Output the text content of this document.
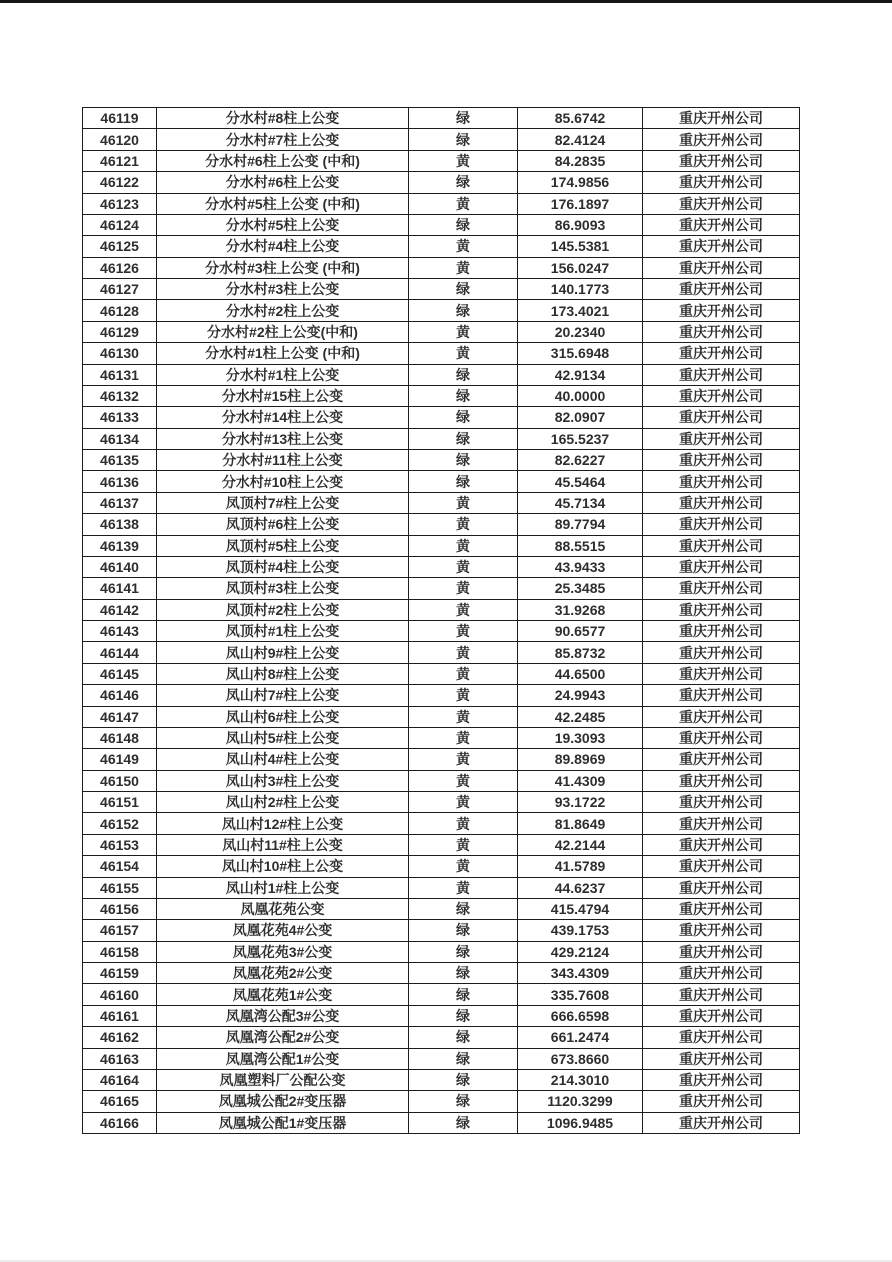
46119	分水村#8柱上公变	绿	85.6742	重庆开州公司
46120	分水村#7柱上公变	绿	82.4124	重庆开州公司
46121	分水村#6柱上公变 (中和)	黄	84.2835	重庆开州公司
46122	分水村#6柱上公变	绿	174.9856	重庆开州公司
46123	分水村#5柱上公变 (中和)	黄	176.1897	重庆开州公司
46124	分水村#5柱上公变	绿	86.9093	重庆开州公司
46125	分水村#4柱上公变	黄	145.5381	重庆开州公司
46126	分水村#3柱上公变 (中和)	黄	156.0247	重庆开州公司
46127	分水村#3柱上公变	绿	140.1773	重庆开州公司
46128	分水村#2柱上公变	绿	173.4021	重庆开州公司
46129	分水村#2柱上公变(中和)	黄	20.2340	重庆开州公司
46130	分水村#1柱上公变 (中和)	黄	315.6948	重庆开州公司
46131	分水村#1柱上公变	绿	42.9134	重庆开州公司
46132	分水村#15柱上公变	绿	40.0000	重庆开州公司
46133	分水村#14柱上公变	绿	82.0907	重庆开州公司
46134	分水村#13柱上公变	绿	165.5237	重庆开州公司
46135	分水村#11柱上公变	绿	82.6227	重庆开州公司
46136	分水村#10柱上公变	绿	45.5464	重庆开州公司
46137	凤顶村7#柱上公变	黄	45.7134	重庆开州公司
46138	凤顶村#6柱上公变	黄	89.7794	重庆开州公司
46139	凤顶村#5柱上公变	黄	88.5515	重庆开州公司
46140	凤顶村#4柱上公变	黄	43.9433	重庆开州公司
46141	凤顶村#3柱上公变	黄	25.3485	重庆开州公司
46142	凤顶村#2柱上公变	黄	31.9268	重庆开州公司
46143	凤顶村#1柱上公变	黄	90.6577	重庆开州公司
46144	凤山村9#柱上公变	黄	85.8732	重庆开州公司
46145	凤山村8#柱上公变	黄	44.6500	重庆开州公司
46146	凤山村7#柱上公变	黄	24.9943	重庆开州公司
46147	凤山村6#柱上公变	黄	42.2485	重庆开州公司
46148	凤山村5#柱上公变	黄	19.3093	重庆开州公司
46149	凤山村4#柱上公变	黄	89.8969	重庆开州公司
46150	凤山村3#柱上公变	黄	41.4309	重庆开州公司
46151	凤山村2#柱上公变	黄	93.1722	重庆开州公司
46152	凤山村12#柱上公变	黄	81.8649	重庆开州公司
46153	凤山村11#柱上公变	黄	42.2144	重庆开州公司
46154	凤山村10#柱上公变	黄	41.5789	重庆开州公司
46155	凤山村1#柱上公变	黄	44.6237	重庆开州公司
46156	凤凰花苑公变	绿	415.4794	重庆开州公司
46157	凤凰花苑4#公变	绿	439.1753	重庆开州公司
46158	凤凰花苑3#公变	绿	429.2124	重庆开州公司
46159	凤凰花苑2#公变	绿	343.4309	重庆开州公司
46160	凤凰花苑1#公变	绿	335.7608	重庆开州公司
46161	凤凰湾公配3#公变	绿	666.6598	重庆开州公司
46162	凤凰湾公配2#公变	绿	661.2474	重庆开州公司
46163	凤凰湾公配1#公变	绿	673.8660	重庆开州公司
46164	凤凰塑料厂公配公变	绿	214.3010	重庆开州公司
46165	凤凰城公配2#变压器	绿	1120.3299	重庆开州公司
46166	凤凰城公配1#变压器	绿	1096.9485	重庆开州公司
